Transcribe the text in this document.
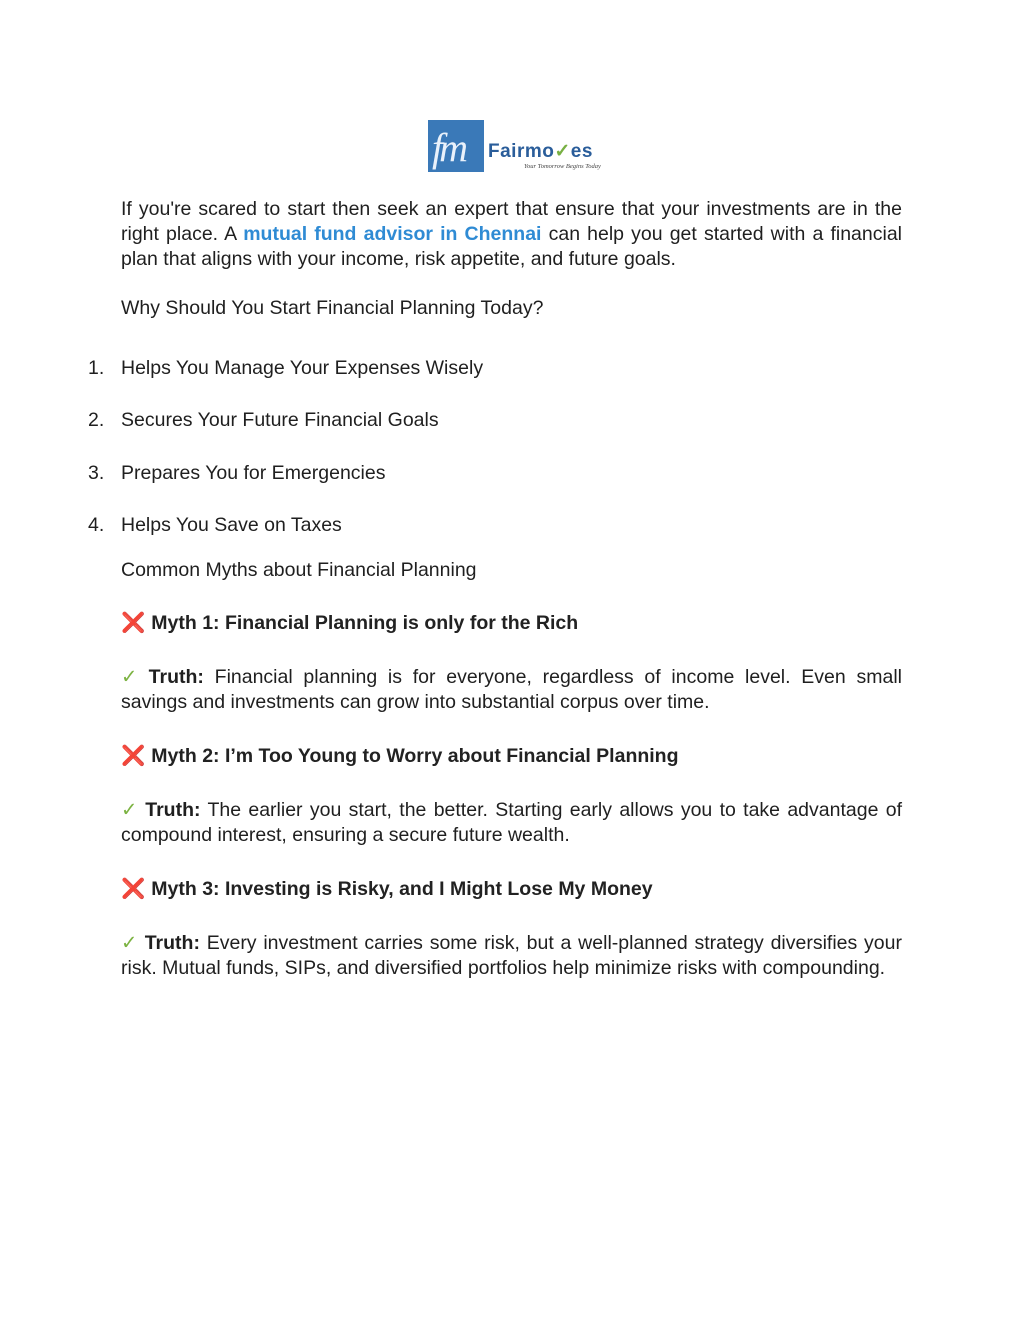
fm Fairmo✓es
Your Tomorrow Begins Today
If you're scared to start then seek an expert that ensure that your investments are in the right place. A mutual fund advisor in Chennai can help you get started with a financial plan that aligns with your income, risk appetite, and future goals.
Why Should You Start Financial Planning Today?
1. Helps You Manage Your Expenses Wisely
2. Secures Your Future Financial Goals
3. Prepares You for Emergencies
4. Helps You Save on Taxes
Common Myths about Financial Planning
❌ Myth 1: Financial Planning is only for the Rich
✓ Truth: Financial planning is for everyone, regardless of income level. Even small savings and investments can grow into substantial corpus over time.
❌ Myth 2: I’m Too Young to Worry about Financial Planning
✓ Truth: The earlier you start, the better. Starting early allows you to take advantage of compound interest, ensuring a secure future wealth.
❌ Myth 3: Investing is Risky, and I Might Lose My Money
✓ Truth: Every investment carries some risk, but a well-planned strategy diversifies your risk. Mutual funds, SIPs, and diversified portfolios help minimize risks with compounding.
